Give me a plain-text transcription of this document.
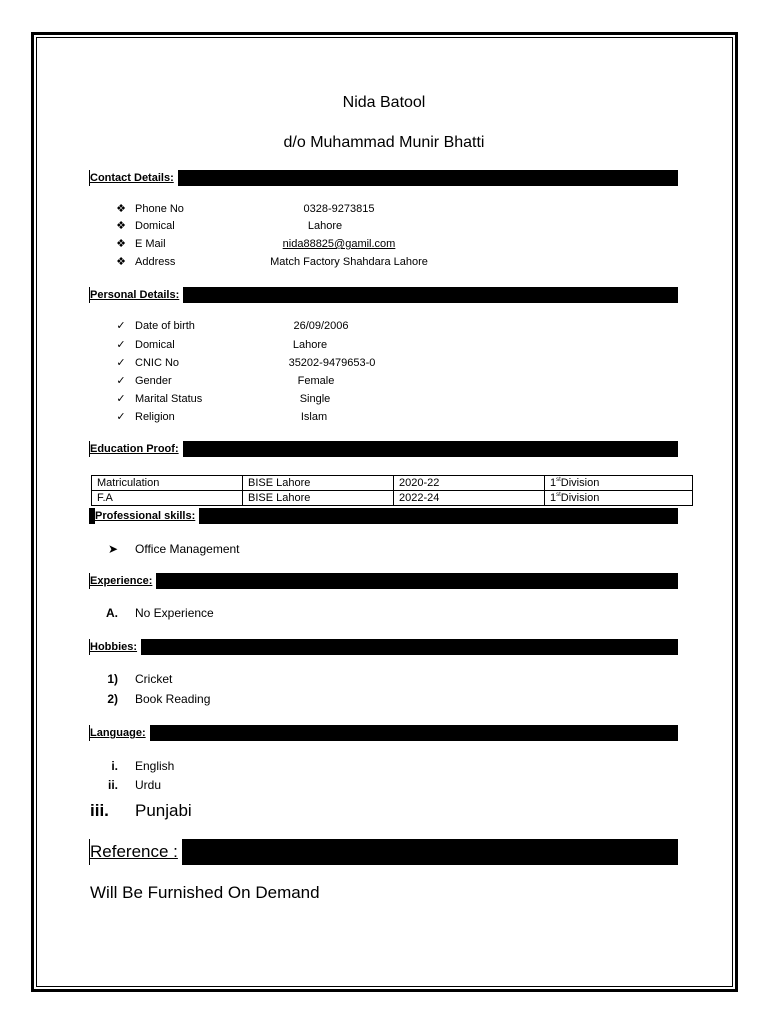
Nida Batool
d/o Muhammad Munir Bhatti
Contact Details:
❖ Phone No	0328-9273815
❖ Domical	Lahore
❖ E Mail	nida88825@gamil.com
❖ Address	Match Factory Shahdara Lahore
Personal Details:
✓ Date of birth	26/09/2006
✓ Domical	Lahore
✓ CNIC No	35202-9479653-0
✓ Gender	Female
✓ Marital Status	Single
✓ Religion	Islam
Education Proof:
Matriculation	BISE Lahore	2020-22	1stDivision
F.A	BISE Lahore	2022-24	1stDivision
Professional skills:
➤ Office Management
Experience:
A. No Experience
Hobbies:
1) Cricket
2) Book Reading
Language:
i. English
ii. Urdu
iii.	Punjabi
Reference :
Will Be Furnished On Demand
